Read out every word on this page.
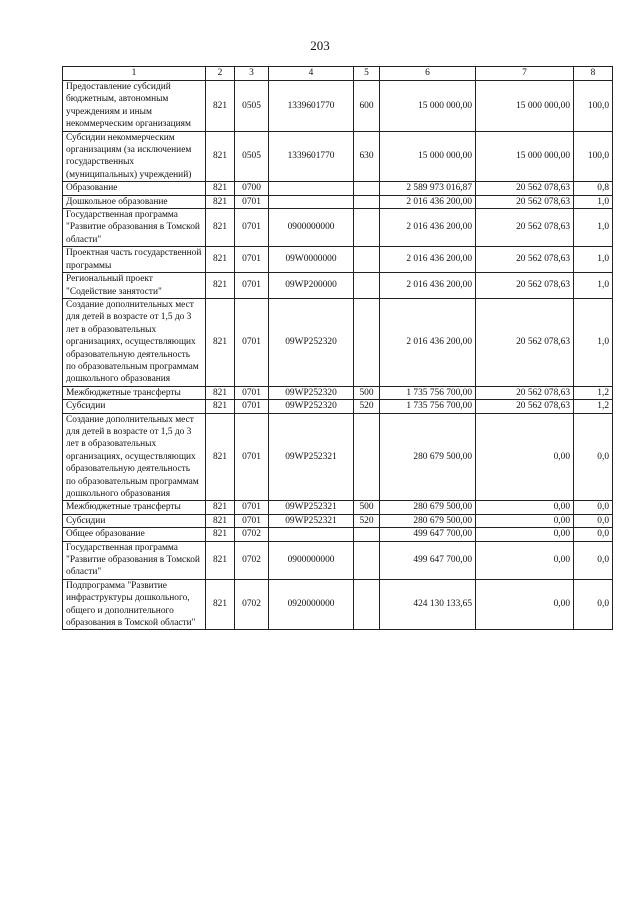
203
1	2	3	4	5	6	7	8
Предоставление субсидий бюджетным, автономным учреждениям и иным некоммерческим организациям	821	0505	1339601770	600	15 000 000,00	15 000 000,00	100,0
Субсидии некоммерческим организациям (за исключением государственных (муниципальных) учреждений)	821	0505	1339601770	630	15 000 000,00	15 000 000,00	100,0
Образование	821	0700			2 589 973 016,87	20 562 078,63	0,8
Дошкольное образование	821	0701			2 016 436 200,00	20 562 078,63	1,0
Государственная программа "Развитие образования в Томской области"	821	0701	0900000000		2 016 436 200,00	20 562 078,63	1,0
Проектная часть государственной программы	821	0701	09W0000000		2 016 436 200,00	20 562 078,63	1,0
Региональный проект "Содействие занятости"	821	0701	09WP200000		2 016 436 200,00	20 562 078,63	1,0
Создание дополнительных мест для детей в возрасте от 1,5 до 3 лет в образовательных организациях, осуществляющих образовательную деятельность по образовательным программам дошкольного образования	821	0701	09WP252320		2 016 436 200,00	20 562 078,63	1,0
Межбюджетные трансферты	821	0701	09WP252320	500	1 735 756 700,00	20 562 078,63	1,2
Субсидии	821	0701	09WP252320	520	1 735 756 700,00	20 562 078,63	1,2
Создание дополнительных мест для детей в возрасте от 1,5 до 3 лет в образовательных организациях, осуществляющих образовательную деятельность по образовательным программам дошкольного образования	821	0701	09WP252321		280 679 500,00	0,00	0,0
Межбюджетные трансферты	821	0701	09WP252321	500	280 679 500,00	0,00	0,0
Субсидии	821	0701	09WP252321	520	280 679 500,00	0,00	0,0
Общее образование	821	0702			499 647 700,00	0,00	0,0
Государственная программа "Развитие образования в Томской области"	821	0702	0900000000		499 647 700,00	0,00	0,0
Подпрограмма "Развитие инфраструктуры дошкольного, общего и дополнительного образования в Томской области"	821	0702	0920000000		424 130 133,65	0,00	0,0
